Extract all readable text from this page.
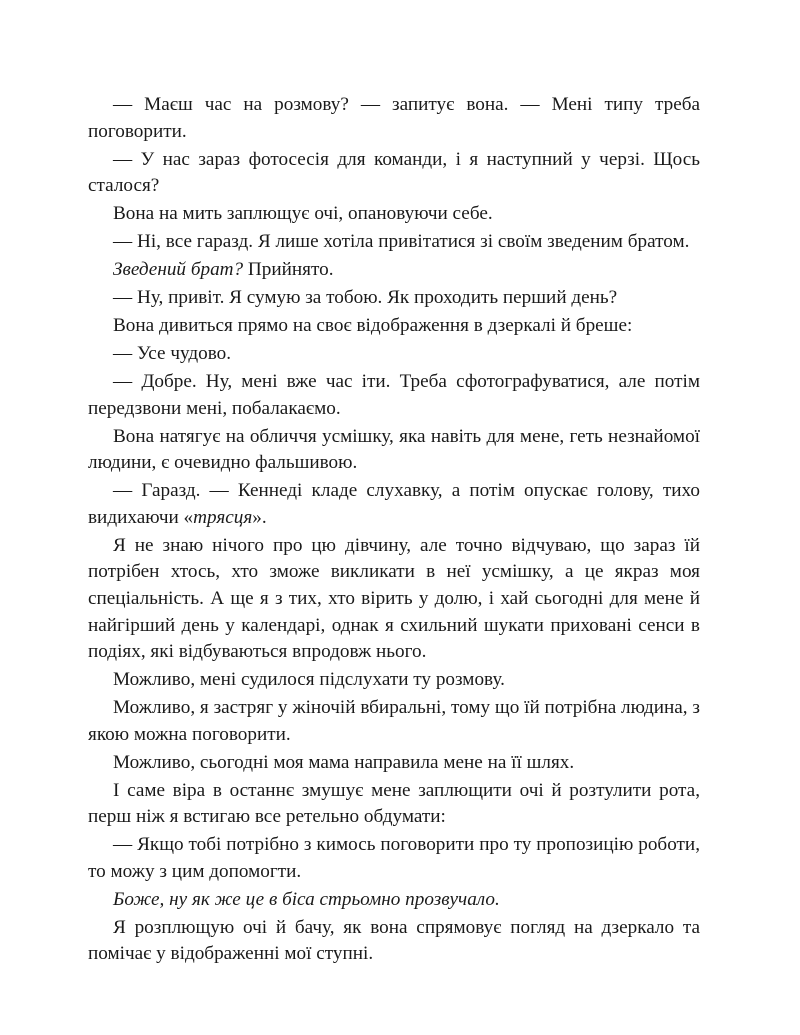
— Маєш час на розмову? — запитує вона. — Мені типу треба поговорити.

— У нас зараз фотосесія для команди, і я наступний у черзі. Щось сталося?

Вона на мить заплющує очі, опановуючи себе.

— Ні, все гаразд. Я лише хотіла привітатися зі своїм зведеним братом.

Зведений брат? Прийнято.

— Ну, привіт. Я сумую за тобою. Як проходить перший день?

Вона дивиться прямо на своє відображення в дзеркалі й бреше:

— Усе чудово.

— Добре. Ну, мені вже час іти. Треба сфотографуватися, але потім передзвони мені, побалакаємо.

Вона натягує на обличчя усмішку, яка навіть для мене, геть незнайомої людини, є очевидно фальшивою.

— Гаразд. — Кеннеді кладе слухавку, а потім опускає голову, тихо видихаючи «трясця».

Я не знаю нічого про цю дівчину, але точно відчуваю, що зараз їй потрібен хтось, хто зможе викликати в неї усмішку, а це якраз моя спеціальність. А ще я з тих, хто вірить у долю, і хай сьогодні для мене й найгірший день у календарі, однак я схильний шукати приховані сенси в подіях, які відбуваються впродовж нього.

Можливо, мені судилося підслухати ту розмову.

Можливо, я застряг у жіночій вбиральні, тому що їй потрібна людина, з якою можна поговорити.

Можливо, сьогодні моя мама направила мене на її шлях.

І саме віра в останнє змушує мене заплющити очі й розтулити рота, перш ніж я встигаю все ретельно обдумати:

— Якщо тобі потрібно з кимось поговорити про ту пропозицію роботи, то можу з цим допомогти.

Боже, ну як же це в біса стрьомно прозвучало.

Я розплющую очі й бачу, як вона спрямовує погляд на дзеркало та помічає у відображенні мої ступні.
